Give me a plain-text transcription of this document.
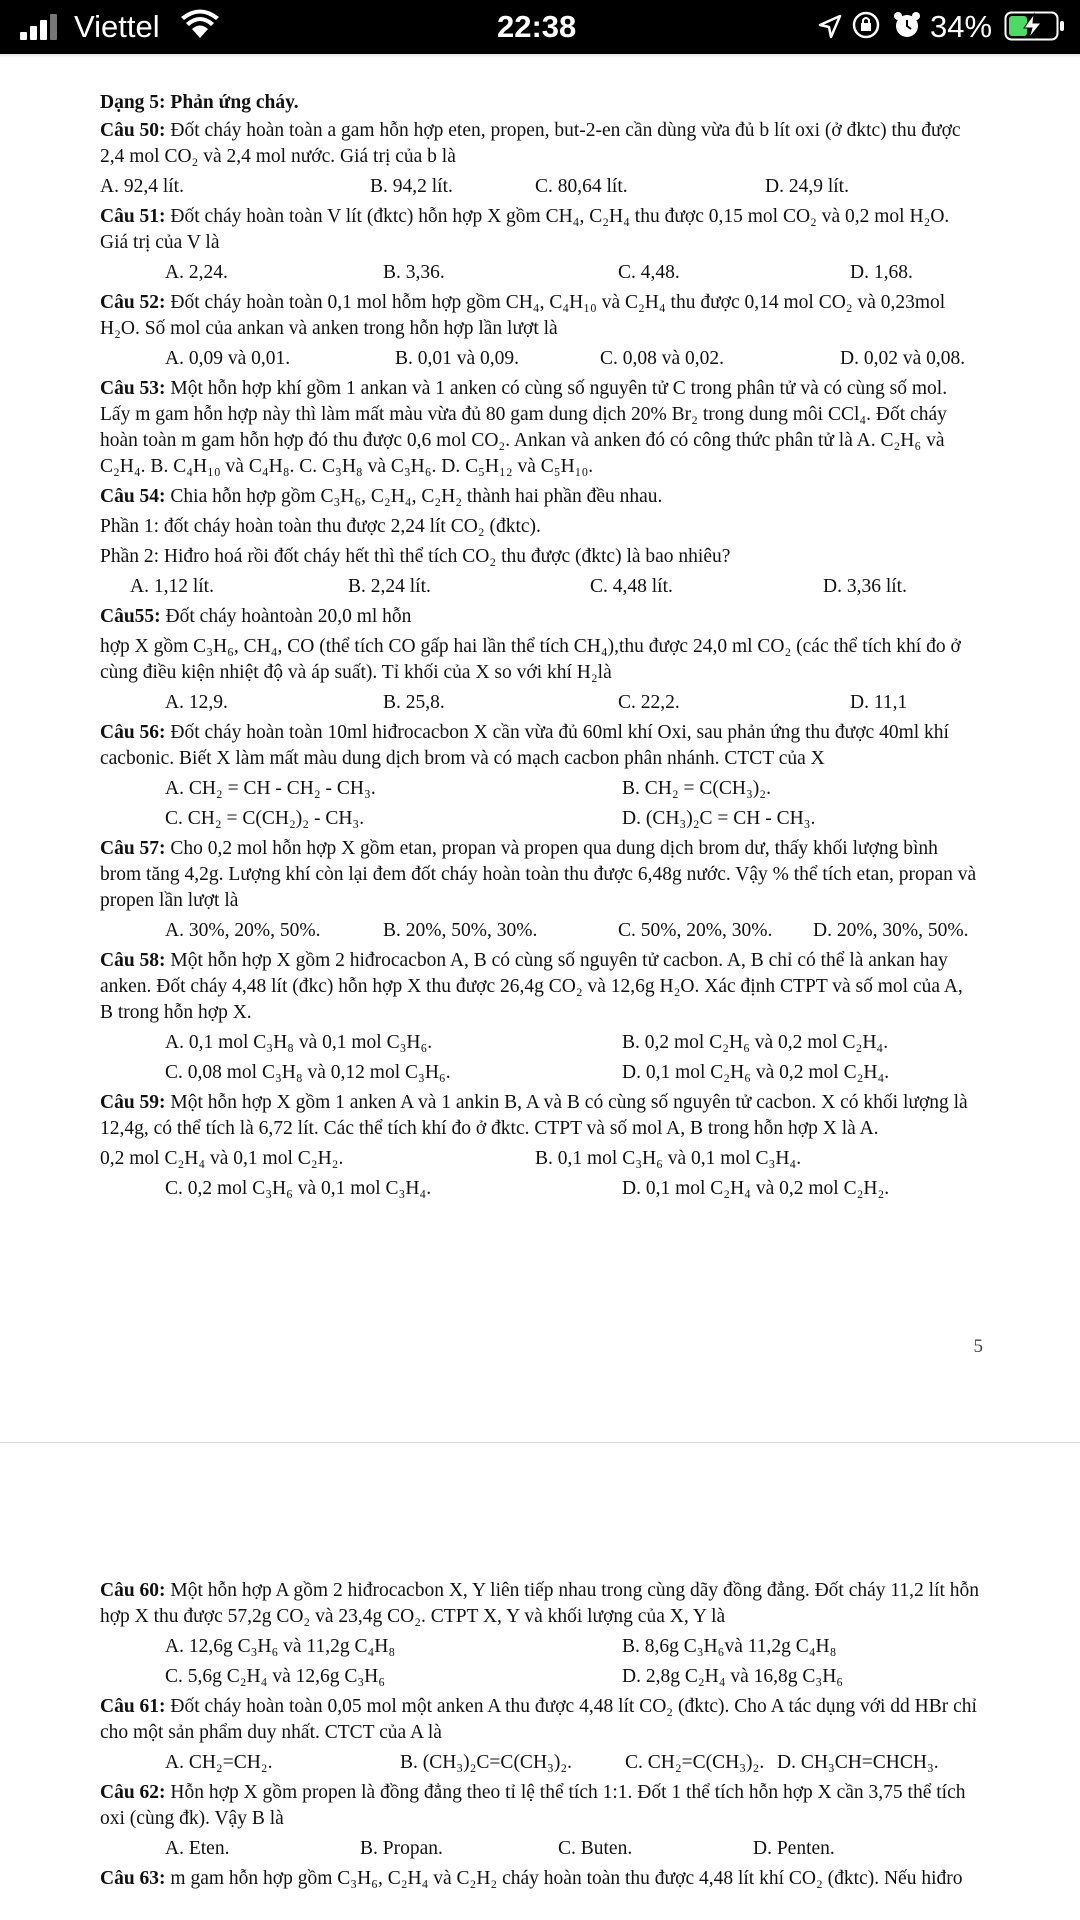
Viettel	22:38	34%

Dạng 5: Phản ứng cháy.

Câu 50: Đốt cháy hoàn toàn a gam hỗn hợp eten, propen, but-2-en cần dùng vừa đủ b lít oxi (ở đktc) thu được 2,4 mol CO₂ và 2,4 mol nước. Giá trị của b là

A. 92,4 lít.	B. 94,2 lít.	C. 80,64 lít.	D. 24,9 lít.

Câu 51: Đốt cháy hoàn toàn V lít (đktc) hỗn hợp X gồm CH₄, C₂H₄ thu được 0,15 mol CO₂ và 0,2 mol H₂O. Giá trị của V là

A. 2,24.	B. 3,36.	C. 4,48.	D. 1,68.

Câu 52: Đốt cháy hoàn toàn 0,1 mol hỗm hợp gồm CH₄, C₄H₁₀ và C₂H₄ thu được 0,14 mol CO₂ và 0,23mol H₂O. Số mol của ankan và anken trong hỗn hợp lần lượt là

A. 0,09 và 0,01.	B. 0,01 và 0,09.	C. 0,08 và 0,02.	D. 0,02 và 0,08.

Câu 53: Một hỗn hợp khí gồm 1 ankan và 1 anken có cùng số nguyên tử C trong phân tử và có cùng số mol. Lấy m gam hỗn hợp này thì làm mất màu vừa đủ 80 gam dung dịch 20% Br₂ trong dung môi CCl₄. Đốt cháy hoàn toàn m gam hỗn hợp đó thu được 0,6 mol CO₂. Ankan và anken đó có công thức phân tử là A. C₂H₆ và C₂H₄. B. C₄H₁₀ và C₄H₈. C. C₃H₈ và C₃H₆. D. C₅H₁₂ và C₅H₁₀.

Câu 54: Chia hỗn hợp gồm C₃H₆, C₂H₄, C₂H₂ thành hai phần đều nhau.

Phần 1: đốt cháy hoàn toàn thu được 2,24 lít CO₂ (đktc).

Phần 2: Hiđro hoá rồi đốt cháy hết thì thể tích CO₂ thu được (đktc) là bao nhiêu?

A. 1,12 lít.	B. 2,24 lít.	C. 4,48 lít.	D. 3,36 lít.

Câu55: Đốt cháy hoàntoàn 20,0 ml hỗn

hợp X gồm C₃H₆, CH₄, CO (thể tích CO gấp hai lần thể tích CH₄),thu được 24,0 ml CO₂ (các thể tích khí đo ở cùng điều kiện nhiệt độ và áp suất). Tỉ khối của X so với khí H₂là

A. 12,9.	B. 25,8.	C. 22,2.	D. 11,1

Câu 56: Đốt cháy hoàn toàn 10ml hiđrocacbon X cần vừa đủ 60ml khí Oxi, sau phản ứng thu được 40ml khí cacbonic. Biết X làm mất màu dung dịch brom và có mạch cacbon phân nhánh. CTCT của X

A. CH₂ = CH - CH₂ - CH₃.	B. CH₂ = C(CH₃)₂.
C. CH₂ = C(CH₂)₂ - CH₃.	D. (CH₃)₂C = CH - CH₃.

Câu 57: Cho 0,2 mol hỗn hợp X gồm etan, propan và propen qua dung dịch brom dư, thấy khối lượng bình brom tăng 4,2g. Lượng khí còn lại đem đốt cháy hoàn toàn thu được 6,48g nước. Vậy % thể tích etan, propan và propen lần lượt là

A. 30%, 20%, 50%.	B. 20%, 50%, 30%.	C. 50%, 20%, 30%.	D. 20%, 30%, 50%.

Câu 58: Một hỗn hợp X gồm 2 hiđrocacbon A, B có cùng số nguyên tử cacbon. A, B chỉ có thể là ankan hay anken. Đốt cháy 4,48 lít (đkc) hỗn hợp X thu được 26,4g CO₂ và 12,6g H₂O. Xác định CTPT và số mol của A, B trong hỗn hợp X.

A. 0,1 mol C₃H₈ và 0,1 mol C₃H₆.	B. 0,2 mol C₂H₆ và 0,2 mol C₂H₄.
C. 0,08 mol C₃H₈ và 0,12 mol C₃H₆.	D. 0,1 mol C₂H₆ và 0,2 mol C₂H₄.

Câu 59: Một hỗn hợp X gồm 1 anken A và 1 ankin B, A và B có cùng số nguyên tử cacbon. X có khối lượng là 12,4g, có thể tích là 6,72 lít. Các thể tích khí đo ở đktc. CTPT và số mol A, B trong hỗn hợp X là A.

0,2 mol C₂H₄ và 0,1 mol C₂H₂.	B. 0,1 mol C₃H₆ và 0,1 mol C₃H₄.
C. 0,2 mol C₃H₆ và 0,1 mol C₃H₄.	D. 0,1 mol C₂H₄ và 0,2 mol C₂H₂.
5

Câu 60: Một hỗn hợp A gồm 2 hiđrocacbon X, Y liên tiếp nhau trong cùng dãy đồng đẳng. Đốt cháy 11,2 lít hỗn hợp X thu được 57,2g CO₂ và 23,4g CO₂. CTPT X, Y và khối lượng của X, Y là

A. 12,6g C₃H₆ và 11,2g C₄H₈	B. 8,6g C₃H₆và 11,2g C₄H₈
C. 5,6g C₂H₄ và 12,6g C₃H₆	D. 2,8g C₂H₄ và 16,8g C₃H₆

Câu 61: Đốt cháy hoàn toàn 0,05 mol một anken A thu được 4,48 lít CO₂ (đktc). Cho A tác dụng với dd HBr chỉ cho một sản phẩm duy nhất. CTCT của A là

A. CH₂=CH₂.	B. (CH₃)₂C=C(CH₃)₂.	C. CH₂=C(CH₃)₂. D. CH₃CH=CHCH₃.

Câu 62: Hỗn hợp X gồm propen là đồng đẳng theo tỉ lệ thể tích 1:1. Đốt 1 thể tích hỗn hợp X cần 3,75 thể tích oxi (cùng đk). Vậy B là

A. Eten.	B. Propan.	C. Buten.	D. Penten.

Câu 63: m gam hỗn hợp gồm C₃H₆, C₂H₄ và C₂H₂ cháy hoàn toàn thu được 4,48 lít khí CO₂ (đktc). Nếu hiđro
